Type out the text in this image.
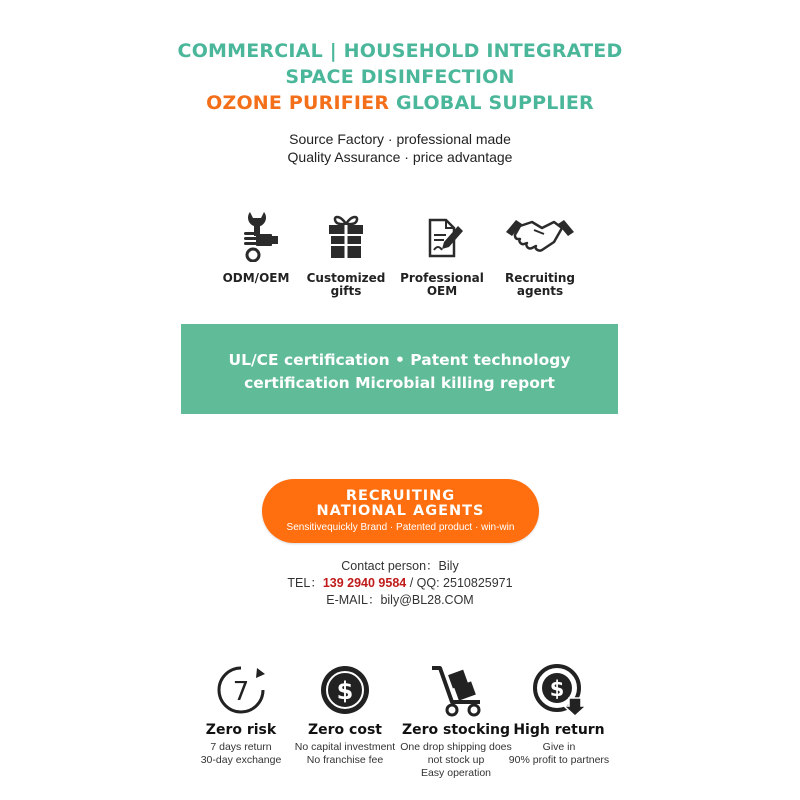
COMMERCIAL | HOUSEHOLD INTEGRATED
SPACE DISINFECTION
OZONE PURIFIER GLOBAL SUPPLIER
Source Factory · professional made
Quality Assurance · price advantage
ODM/OEM	Customized
gifts
Professional
OEM
Recruiting
agents
UL/CE certification • Patent technology
certification Microbial killing report
RECRUITING
NATIONAL AGENTS
Sensitivequickly Brand · Patented product · win-win
Contact person：Bily
TEL：139 2940 9584 / QQ: 2510825971
E-MAIL：bily@BL28.COM
7
Zero risk
7 days return
30-day exchange
$
Zero cost
No capital investment
No franchise fee
Zero stocking
One drop shipping does
not stock up
Easy operation
$
High return
Give in
90% profit to partners
